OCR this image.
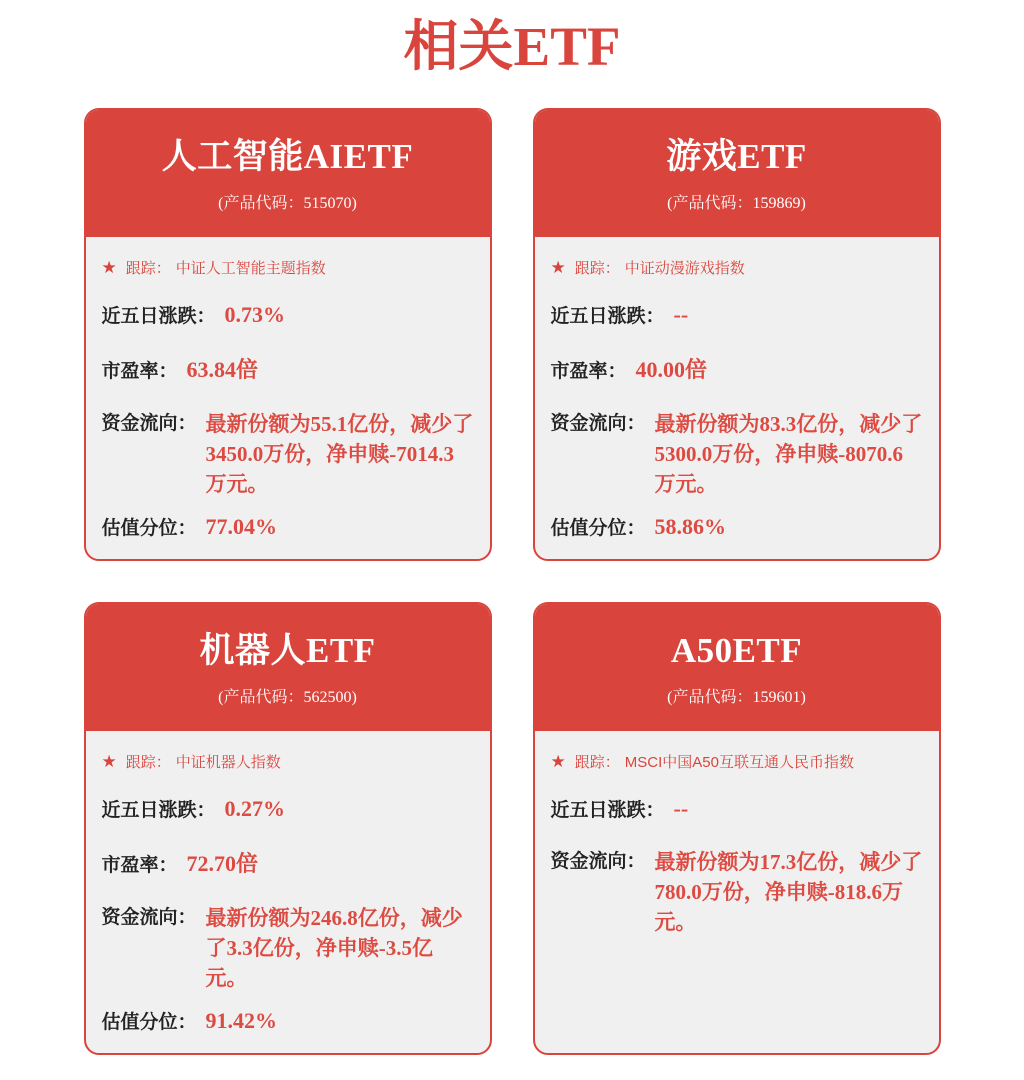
相关ETF
人工智能AIETF
(产品代码：515070)
★ 跟踪： 中证人工智能主题指数
近五日涨跌： 0.73%
市盈率： 63.84倍
资金流向： 最新份额为55.1亿份，减少了3450.0万份，净申赎-7014.3万元。
估值分位： 77.04%
游戏ETF
(产品代码：159869)
★ 跟踪： 中证动漫游戏指数
近五日涨跌： --
市盈率： 40.00倍
资金流向： 最新份额为83.3亿份，减少了5300.0万份，净申赎-8070.6万元。
估值分位： 58.86%
机器人ETF
(产品代码：562500)
★ 跟踪： 中证机器人指数
近五日涨跌： 0.27%
市盈率： 72.70倍
资金流向： 最新份额为246.8亿份，减少了3.3亿份，净申赎-3.5亿元。
估值分位： 91.42%
A50ETF
(产品代码：159601)
★ 跟踪： MSCI中国A50互联互通人民币指数
近五日涨跌： --
资金流向： 最新份额为17.3亿份，减少了780.0万份，净申赎-818.6万元。
